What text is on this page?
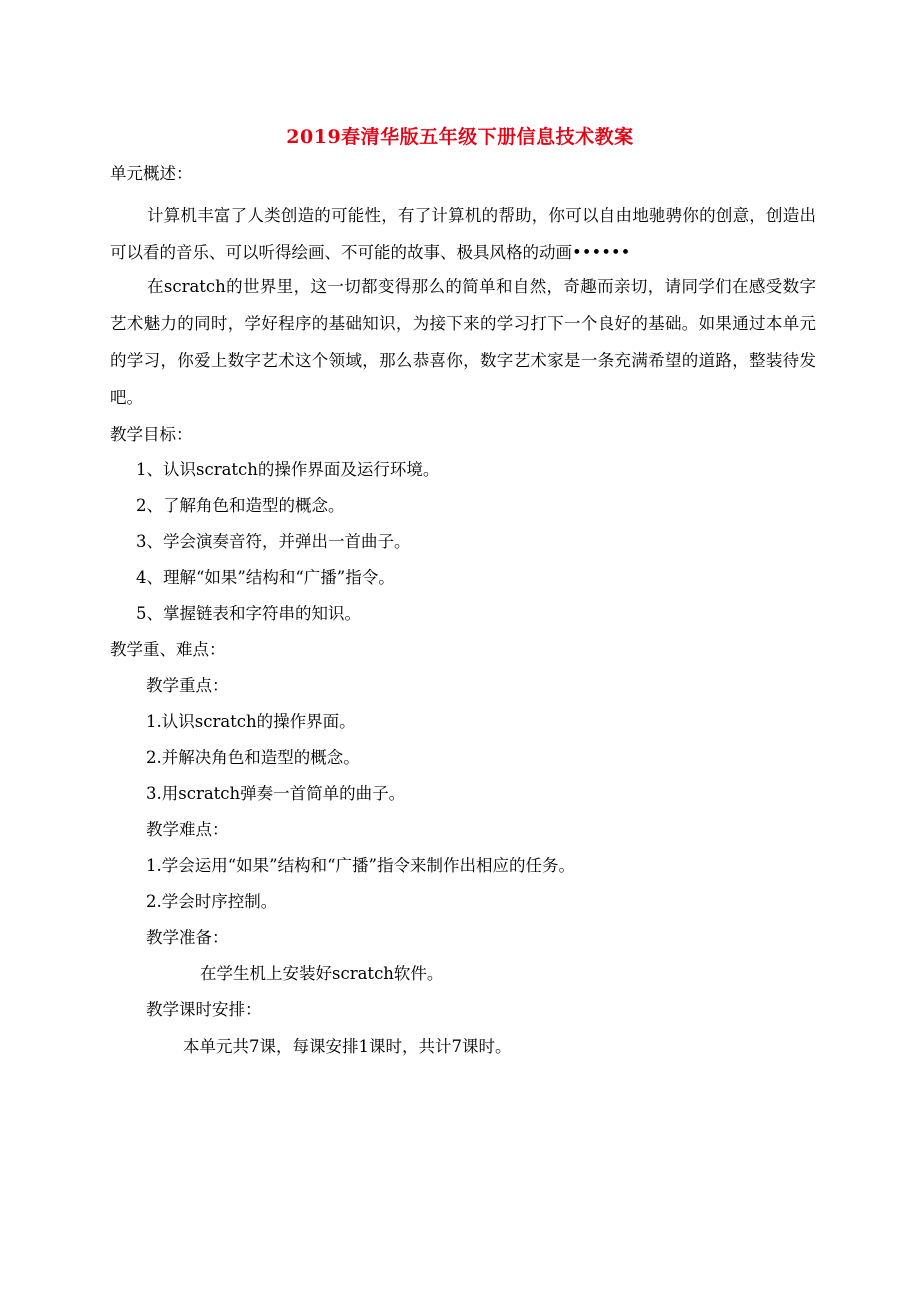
2019春清华版五年级下册信息技术教案
单元概述：
计算机丰富了人类创造的可能性，有了计算机的帮助，你可以自由地驰骋你的创意，创造出可以看的音乐、可以听得绘画、不可能的故事、极具风格的动画••••••
在scratch的世界里，这一切都变得那么的简单和自然，奇趣而亲切，请同学们在感受数字艺术魅力的同时，学好程序的基础知识，为接下来的学习打下一个良好的基础。如果通过本单元的学习，你爱上数字艺术这个领域，那么恭喜你，数字艺术家是一条充满希望的道路，整装待发吧。
教学目标：
1、认识scratch的操作界面及运行环境。
2、了解角色和造型的概念。
3、学会演奏音符，并弹出一首曲子。
4、理解“如果”结构和“广播”指令。
5、掌握链表和字符串的知识。
教学重、难点：
教学重点：
1.认识scratch的操作界面。
2.并解决角色和造型的概念。
3.用scratch弹奏一首简单的曲子。
教学难点：
1.学会运用“如果”结构和“广播”指令来制作出相应的任务。
2.学会时序控制。
教学准备：
在学生机上安装好scratch软件。
教学课时安排：
本单元共7课，每课安排1课时，共计7课时。
